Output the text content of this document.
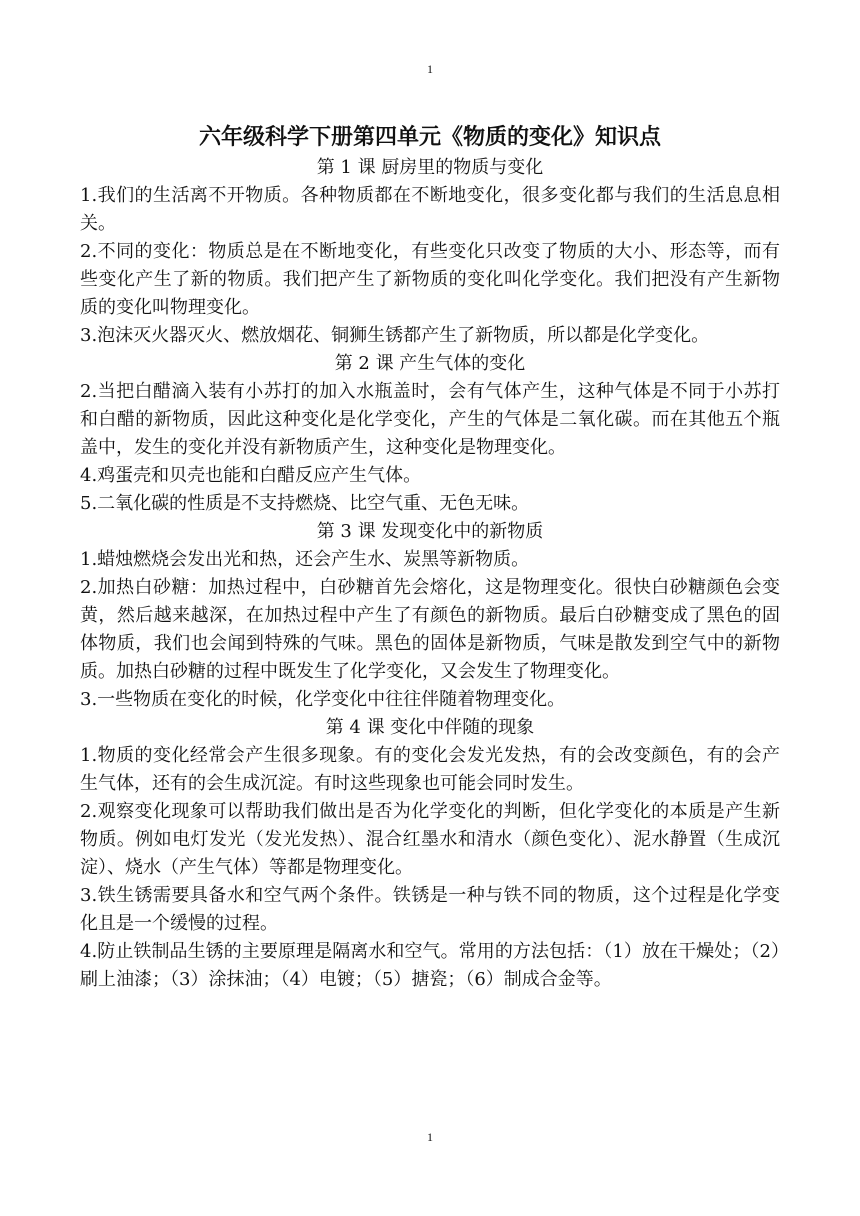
1
六年级科学下册第四单元《物质的变化》知识点

第 1 课 厨房里的物质与变化

1.我们的生活离不开物质。各种物质都在不断地变化，很多变化都与我们的生活息息相关。

2.不同的变化：物质总是在不断地变化，有些变化只改变了物质的大小、形态等，而有些变化产生了新的物质。我们把产生了新物质的变化叫化学变化。我们把没有产生新物质的变化叫物理变化。

3.泡沫灭火器灭火、燃放烟花、铜狮生锈都产生了新物质，所以都是化学变化。

第 2 课 产生气体的变化

2.当把白醋滴入装有小苏打的加入水瓶盖时，会有气体产生，这种气体是不同于小苏打和白醋的新物质，因此这种变化是化学变化，产生的气体是二氧化碳。而在其他五个瓶盖中，发生的变化并没有新物质产生，这种变化是物理变化。

4.鸡蛋壳和贝壳也能和白醋反应产生气体。

5.二氧化碳的性质是不支持燃烧、比空气重、无色无味。

第 3 课 发现变化中的新物质

1.蜡烛燃烧会发出光和热，还会产生水、炭黑等新物质。

2.加热白砂糖：加热过程中，白砂糖首先会熔化，这是物理变化。很快白砂糖颜色会变黄，然后越来越深，在加热过程中产生了有颜色的新物质。最后白砂糖变成了黑色的固体物质，我们也会闻到特殊的气味。黑色的固体是新物质，气味是散发到空气中的新物质。加热白砂糖的过程中既发生了化学变化，又会发生了物理变化。

3.一些物质在变化的时候，化学变化中往往伴随着物理变化。

第 4 课 变化中伴随的现象

1.物质的变化经常会产生很多现象。有的变化会发光发热，有的会改变颜色，有的会产生气体，还有的会生成沉淀。有时这些现象也可能会同时发生。

2.观察变化现象可以帮助我们做出是否为化学变化的判断，但化学变化的本质是产生新物质。例如电灯发光（发光发热）、混合红墨水和清水（颜色变化）、泥水静置（生成沉淀）、烧水（产生气体）等都是物理变化。

3.铁生锈需要具备水和空气两个条件。铁锈是一种与铁不同的物质，这个过程是化学变化且是一个缓慢的过程。

4.防止铁制品生锈的主要原理是隔离水和空气。常用的方法包括：（1）放在干燥处；（2）刷上油漆；（3）涂抹油；（4）电镀；（5）搪瓷；（6）制成合金等。

1
